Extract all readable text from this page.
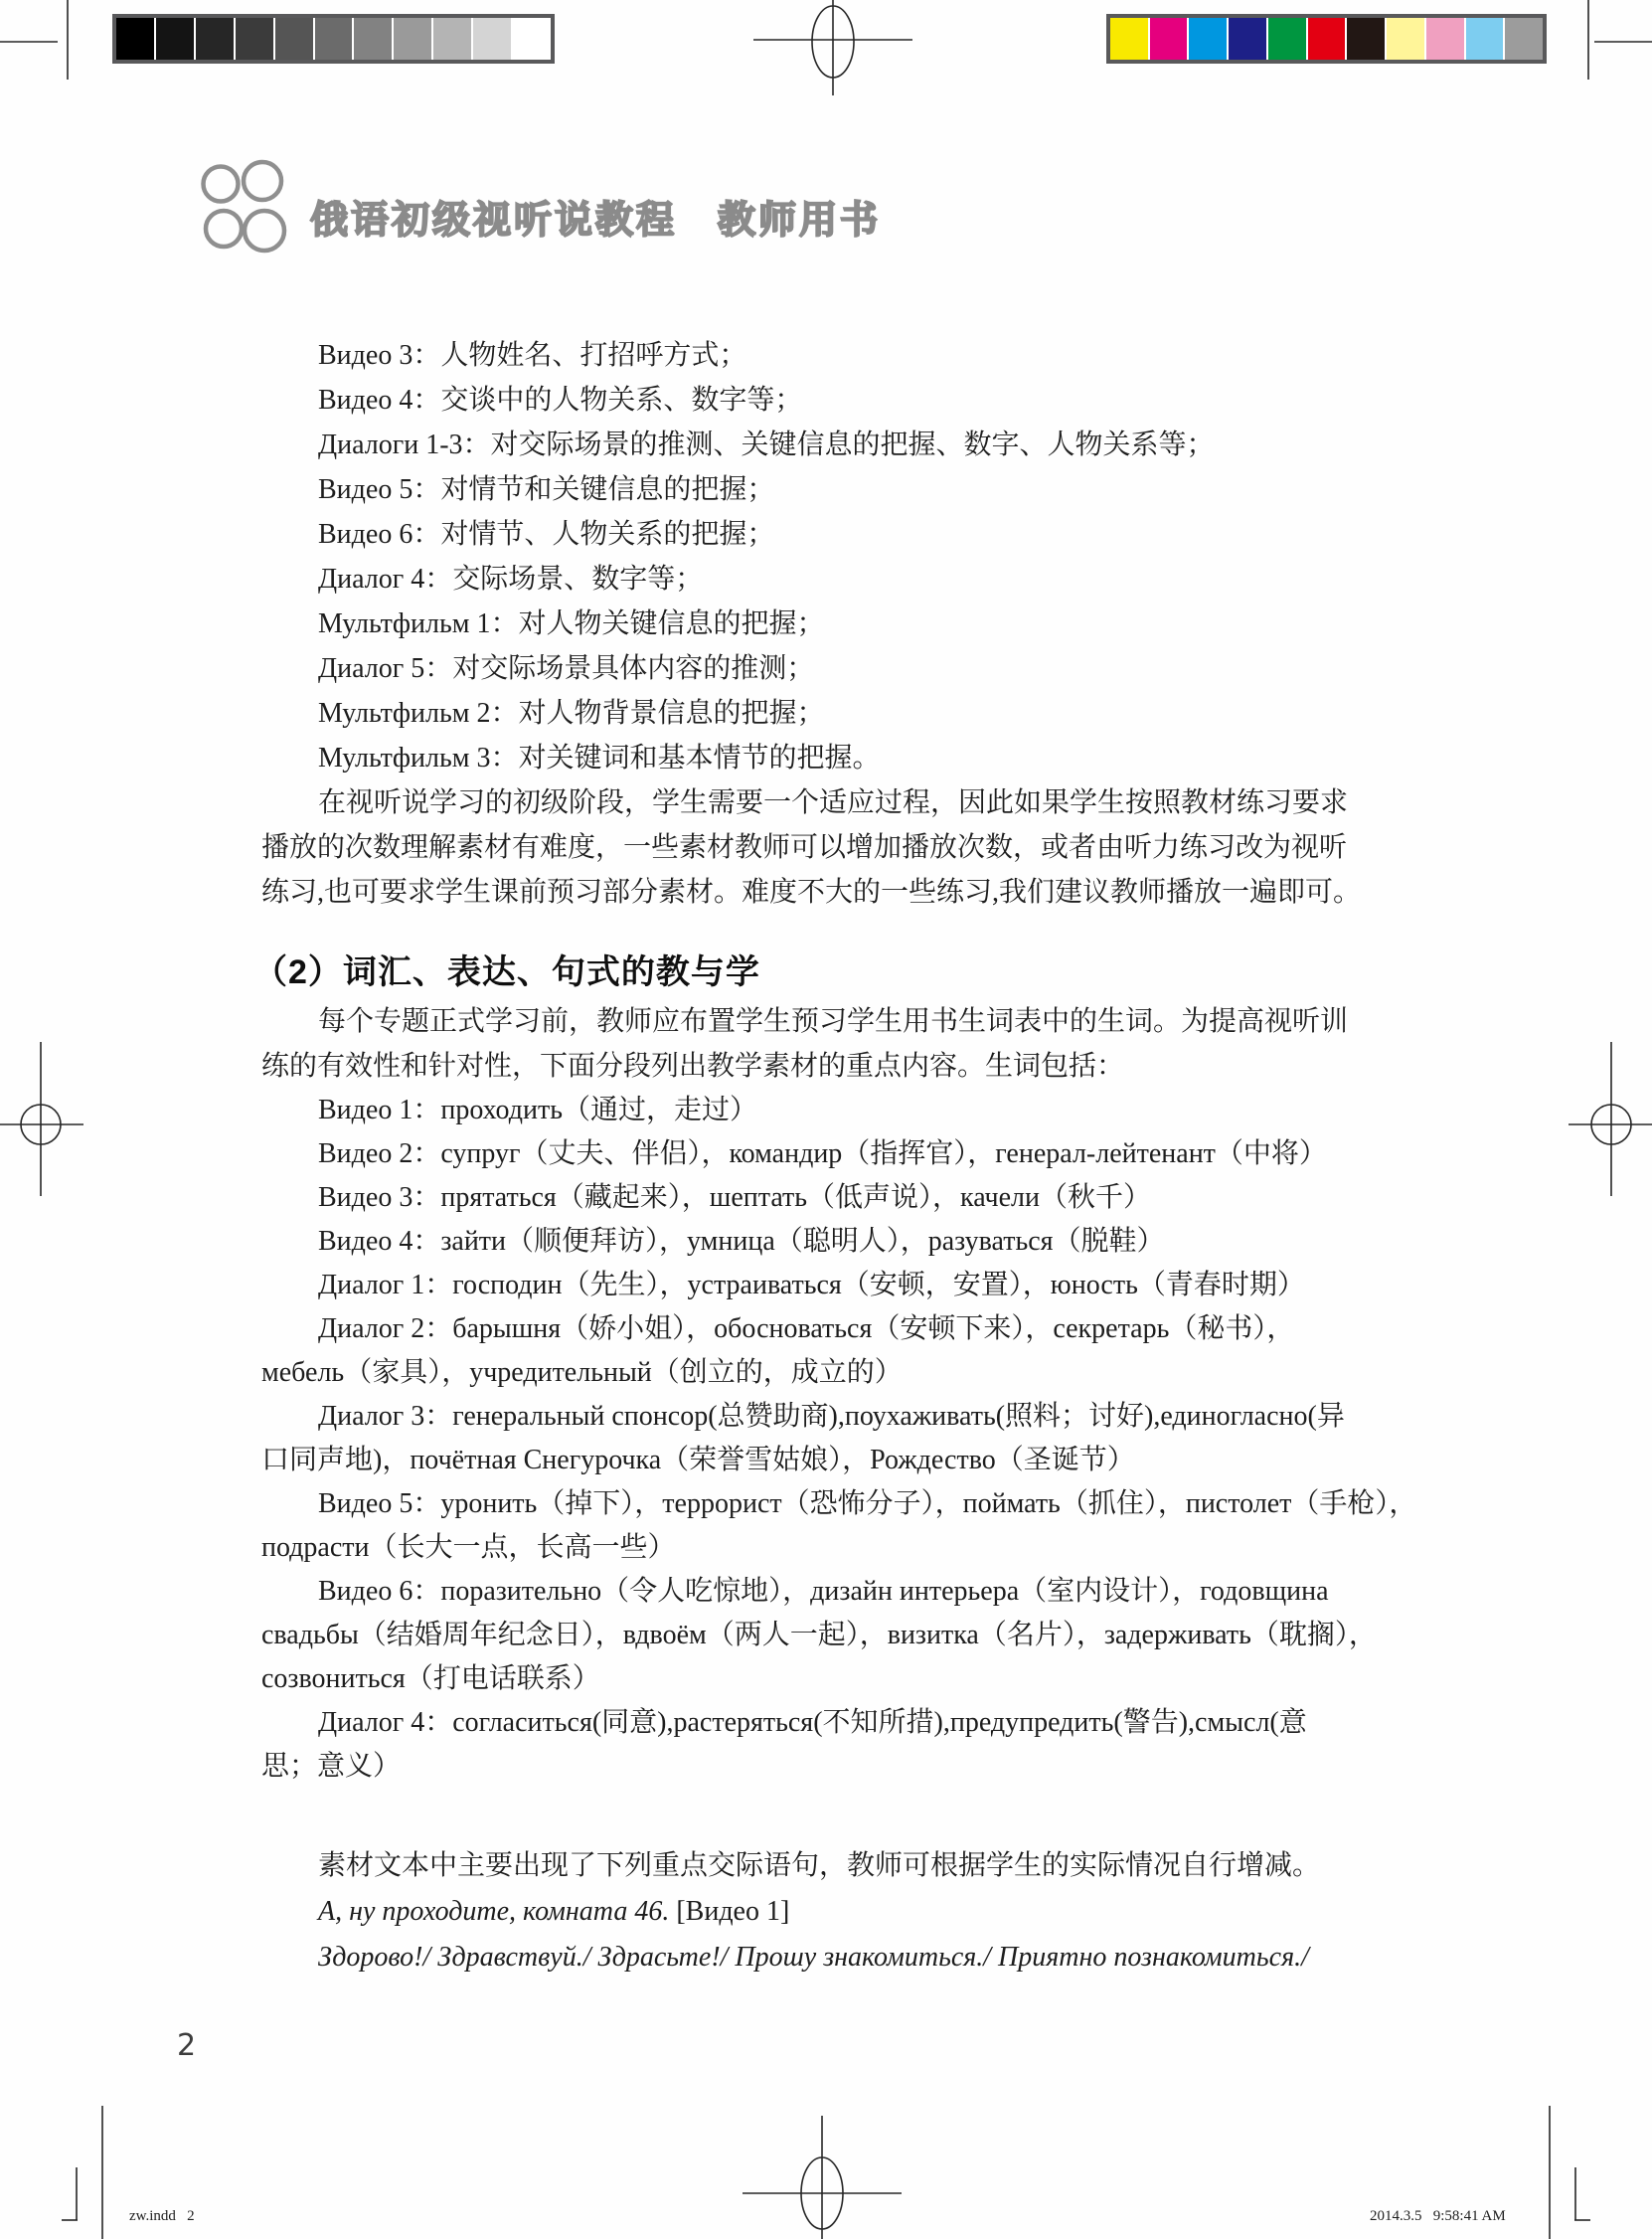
俄语初级视听说教程　教师用书
Видео 3：人物姓名、打招呼方式；
Видео 4：交谈中的人物关系、数字等；
Диалоги 1-3：对交际场景的推测、关键信息的把握、数字、人物关系等；
Видео 5：对情节和关键信息的把握；
Видео 6：对情节、人物关系的把握；
Диалог 4：交际场景、数字等；
Мультфильм 1：对人物关键信息的把握；
Диалог 5：对交际场景具体内容的推测；
Мультфильм 2：对人物背景信息的把握；
Мультфильм 3：对关键词和基本情节的把握。
在视听说学习的初级阶段，学生需要一个适应过程，因此如果学生按照教材练习要求
播放的次数理解素材有难度，一些素材教师可以增加播放次数，或者由听力练习改为视听
练习,也可要求学生课前预习部分素材。难度不大的一些练习,我们建议教师播放一遍即可。
（2）词汇、表达、句式的教与学
每个专题正式学习前，教师应布置学生预习学生用书生词表中的生词。为提高视听训
练的有效性和针对性，下面分段列出教学素材的重点内容。生词包括：
Видео 1：проходить（通过，走过）
Видео 2：супруг（丈夫、伴侣），командир（指挥官），генерал-лейтенант（中将）
Видео 3：прятаться（藏起来），шептать（低声说），качели（秋千）
Видео 4：зайти（顺便拜访），умница（聪明人），разуваться（脱鞋）
Диалог 1：господин（先生），устраиваться（安顿，安置），юность（青春时期）
Диалог 2：барышня（娇小姐），обосноваться（安顿下来），секретарь（秘书），
мебель（家具），учредительный（创立的，成立的）
Диалог 3：генеральный спонсор(总赞助商),поухаживать(照料；讨好),единогласно(异
口同声地)，почётная Снегурочка（荣誉雪姑娘），Рождество（圣诞节）
Видео 5：уронить（掉下），террорист（恐怖分子），поймать（抓住），пистолет（手枪），
подрасти（长大一点，长高一些）
Видео 6：поразительно（令人吃惊地），дизайн интерьера（室内设计），годовщина
свадьбы（结婚周年纪念日），вдвоём（两人一起），визитка（名片），задерживать（耽搁），
созвониться（打电话联系）
Диалог 4：согласиться(同意),растеряться(不知所措),предупредить(警告),смысл(意
思；意义）
素材文本中主要出现了下列重点交际语句，教师可根据学生的实际情况自行增减。
А, ну проходите, комната 46. [Видео 1]
Здорово!/ Здравствуй./ Здрасьте!/ Прошу знакомиться./ Приятно познакомиться./
2
zw.indd   2	2014.3.5   9:58:41 AM
